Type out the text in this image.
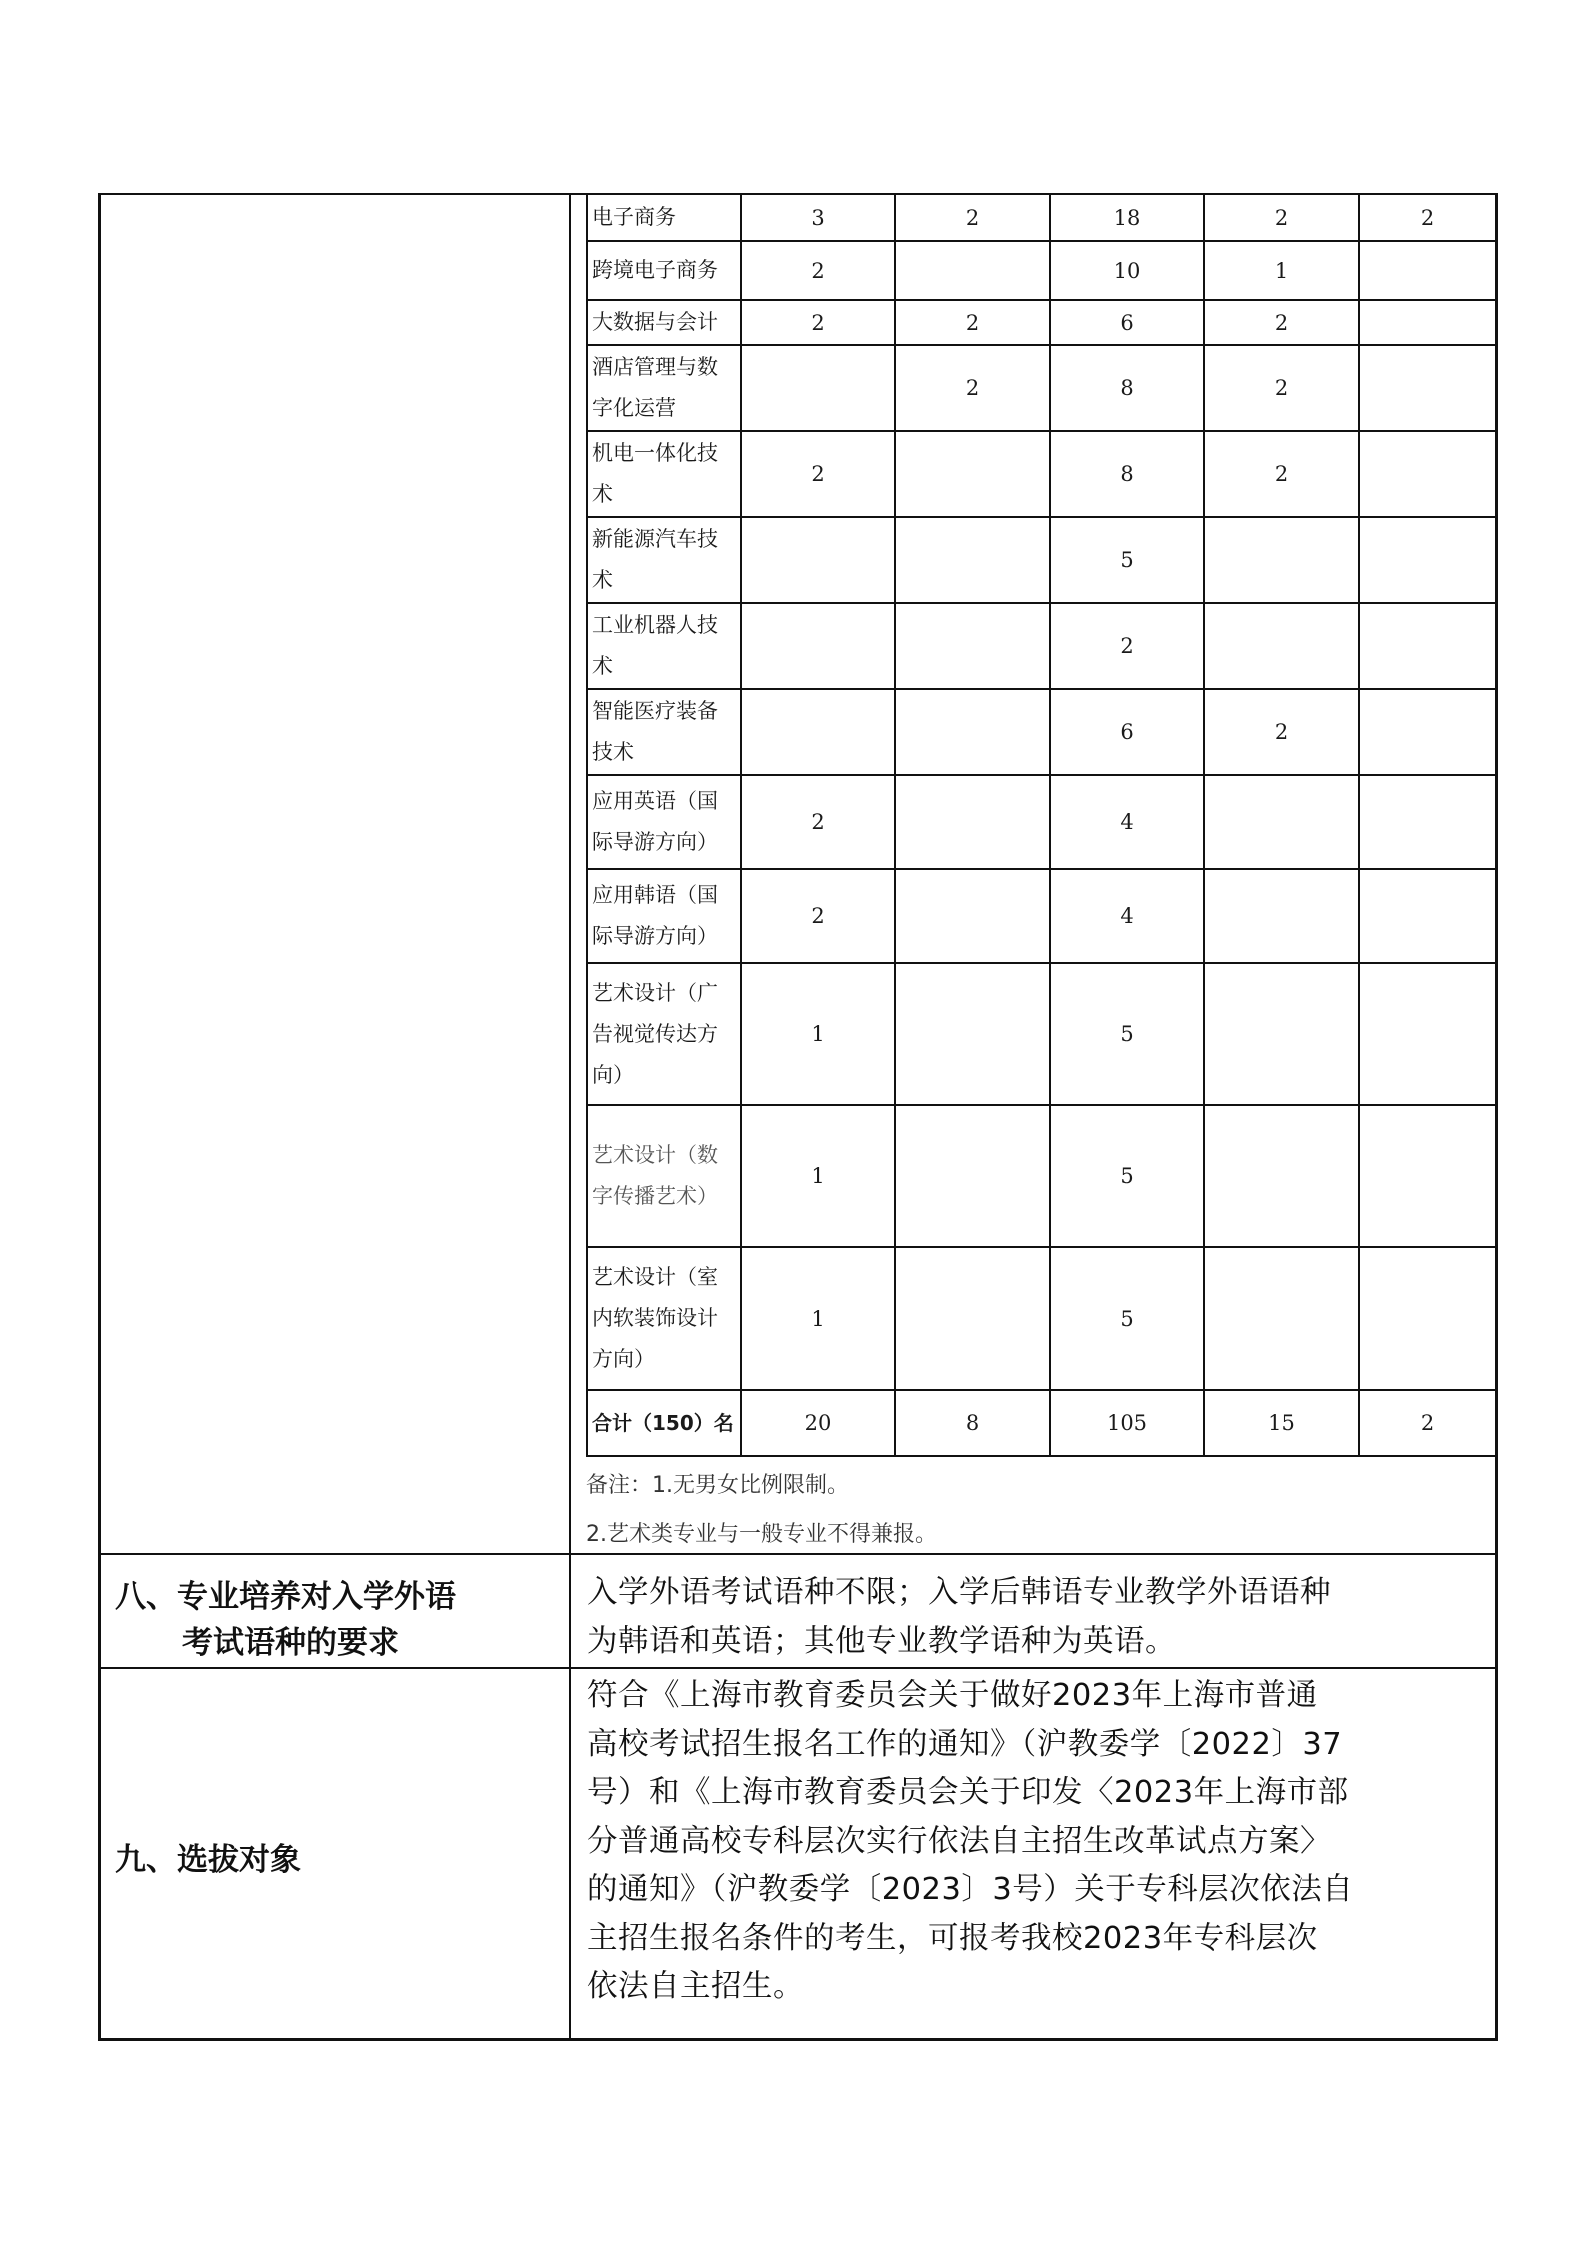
电子商务	3	2	18	2	2
跨境电子商务	2		10	1	
大数据与会计	2	2	6	2	
酒店管理与数字化运营		2	8	2	
机电一体化技术	2		8	2	
新能源汽车技术			5		
工业机器人技术			2		
智能医疗装备技术			6	2	
应用英语（国际导游方向）	2		4		
应用韩语（国际导游方向）	2		4		
艺术设计（广告视觉传达方向）	1		5		
艺术设计（数字传播艺术）	1		5		
艺术设计（室内软装饰设计方向）	1		5		
合计（150）名	20	8	105	15	2
备注：1.无男女比例限制。
2.艺术类专业与一般专业不得兼报。
八、专业培养对入学外语
考试语种的要求

入学外语考试语种不限；入学后韩语专业教学外语语种

为韩语和英语；其他专业教学语种为英语。

九、选拔对象

符合《上海市教育委员会关于做好2023年上海市普通

高校考试招生报名工作的通知》（沪教委学〔2022〕37

号）和《上海市教育委员会关于印发〈2023年上海市部

分普通高校专科层次实行依法自主招生改革试点方案〉

的通知》（沪教委学〔2023〕3号）关于专科层次依法自

主招生报名条件的考生，可报考我校2023年专科层次

依法自主招生。
